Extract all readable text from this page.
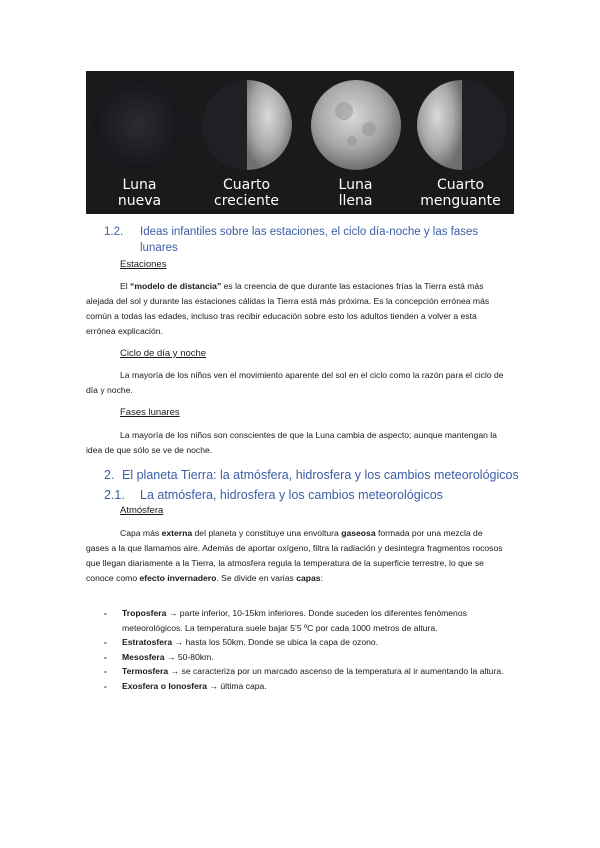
Luna
nueva
Cuarto
creciente
Luna
llena
Cuarto
menguante
1.2. Ideas infantiles sobre las estaciones, el ciclo día-noche y las fases
lunares
Estaciones
El “modelo de distancia” es la creencia de que durante las estaciones frías la Tierra está más alejada del sol y durante las estaciones cálidas la Tierra está más próxima. Es la concepción errónea más común a todas las edades, incluso tras recibir educación sobre esto los adultos tienden a volver a esta errónea explicación.
Ciclo de día y noche
La mayoría de los niños ven el movimiento aparente del sol en el ciclo como la razón para el ciclo de día y noche.
Fases lunares
La mayoría de los niños son conscientes de que la Luna cambia de aspecto; aunque mantengan la idea de que sólo se ve de noche.
2. El planeta Tierra: la atmósfera, hidrosfera y los cambios meteorológicos
2.1. La atmósfera, hidrosfera y los cambios meteorológicos
Atmósfera
Capa más externa del planeta y constituye una envoltura gaseosa formada por una mezcla de gases a la que llamamos aire. Además de aportar oxígeno, filtra la radiación y desintegra fragmentos rocosos que llegan diariamente a la Tierra, la atmosfera regula la temperatura de la superficie terrestre, lo que se conoce como efecto invernadero. Se divide en varias capas:
- Troposfera → parte inferior, 10-15km inferiores. Donde suceden los diferentes fenómenos meteorológicos. La temperatura suele bajar 5’5 ºC por cada 1000 metros de altura.
- Estratosfera → hasta los 50km. Donde se ubica la capa de ozono.
- Mesosfera → 50-80km.
- Termosfera → se caracteriza por un marcado ascenso de la temperatura al ir aumentando la altura.
- Exosfera o Ionosfera → última capa.
